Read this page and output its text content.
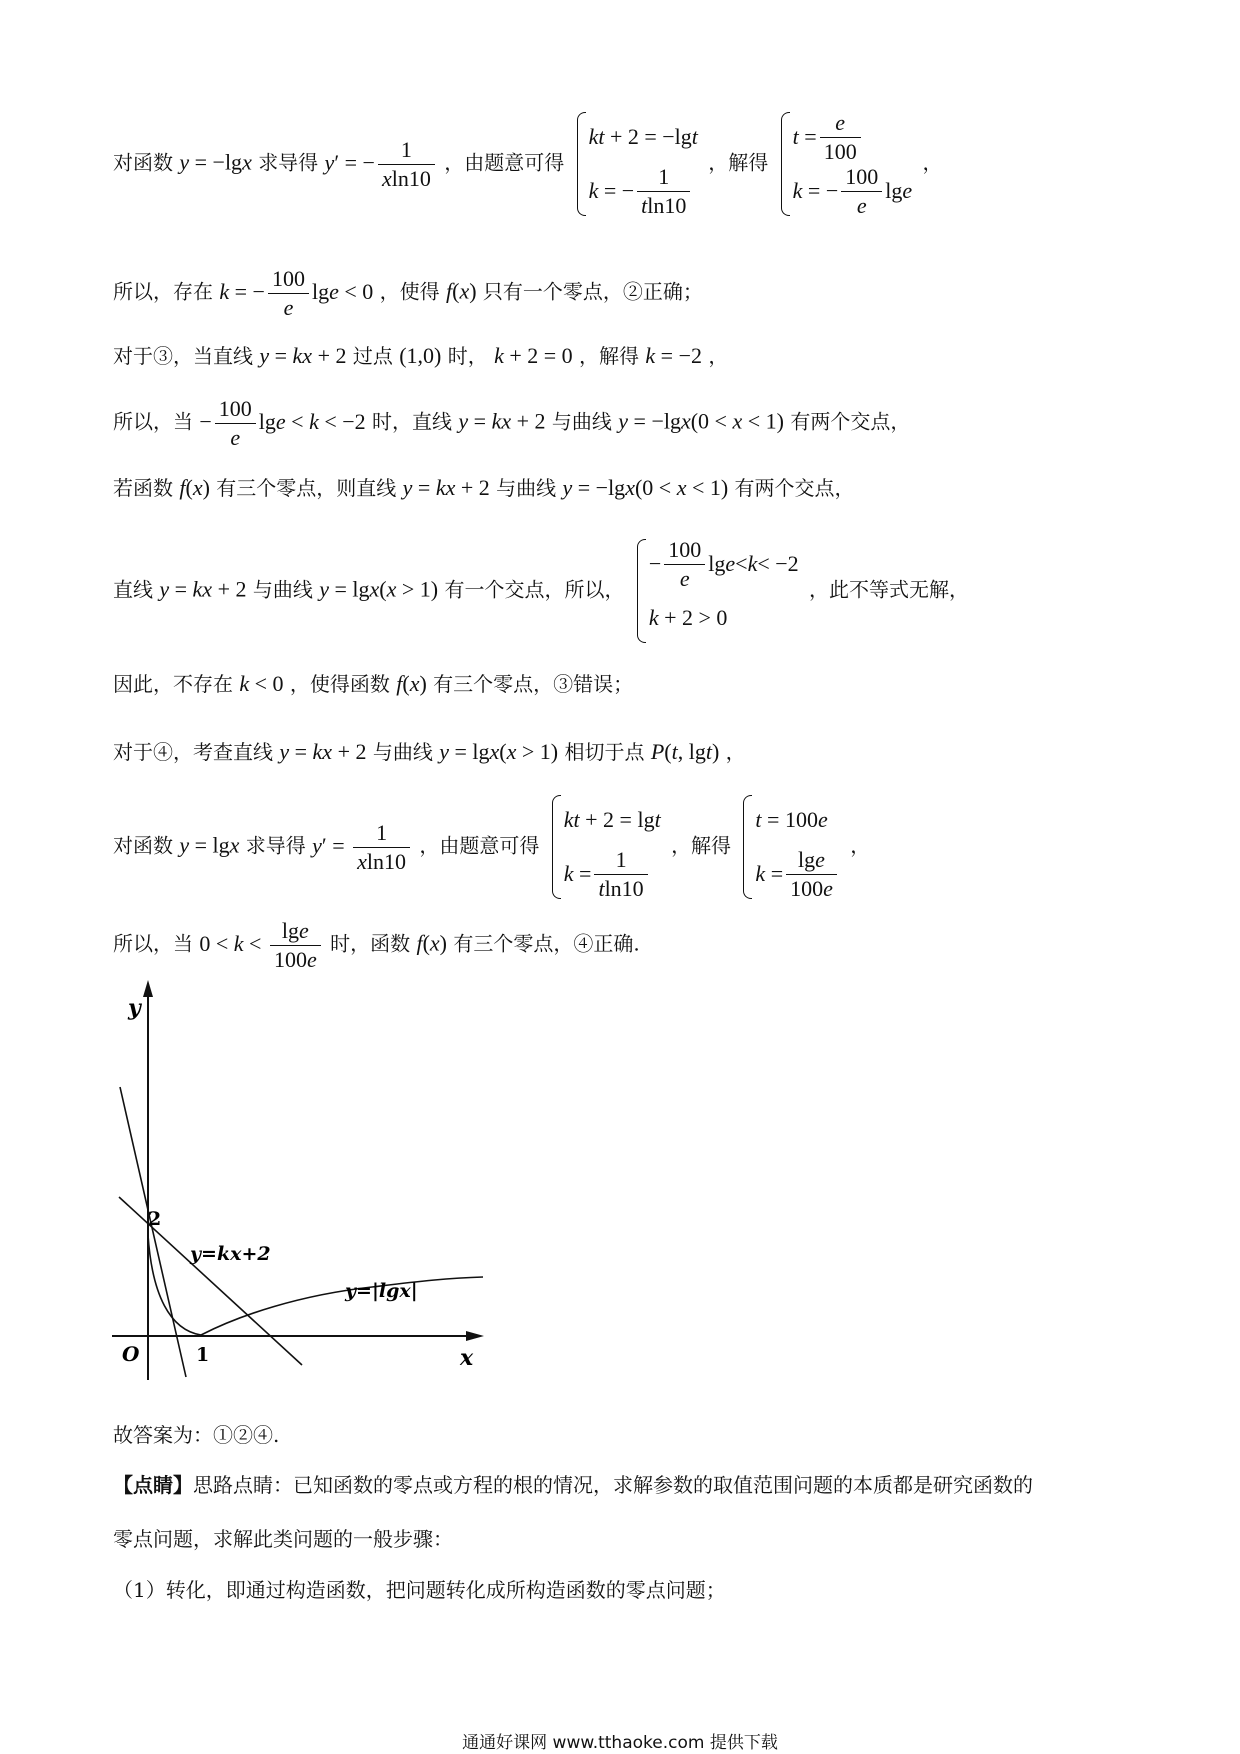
对函数 y = −lgx 求导得 y′ = − $\frac{1}{xln10}$ ，由题意可得
kt + 2 = −lg t
k = − $\frac{1}{tln10}$
，解得
$t = \frac{e}{100}$
k = − $\frac{100}{e}$ lg e
，
所以，存在 k = − $\frac{100}{e}$ lge < 0 ，使得 f(x) 只有一个零点，②正确；
对于③，当直线 y = kx + 2 过点 (1,0) 时， k + 2 = 0 ，解得 k = −2 ，
所以，当 − $\frac{100}{e}$ lge < k < −2 时，直线 y = kx + 2 与曲线 y = −lgx(0 < x < 1) 有两个交点，
若函数 f(x) 有三个零点，则直线 y = kx + 2 与曲线 y = −lgx(0 < x < 1) 有两个交点，
直线 y = kx + 2 与曲线 y = lgx(x > 1) 有一个交点，所以，
− $\frac{100}{e}$ lg e < k < −2
k + 2 > 0
，此不等式无解，
因此，不存在 k < 0 ，使得函数 f(x) 有三个零点，③错误；
对于④，考查直线 y = kx + 2 与曲线 y = lgx(x > 1) 相切于点 P(t, lgt) ，
对函数 y = lgx 求导得 $y' = \frac{1}{xln10}$ ，由题意可得
kt + 2 = lg t
$k = \frac{1}{tln10}$
，解得
t = 100 e
$k = \frac{\lg e}{100e}$
，
所以，当 $0 < k < \frac{\lg e}{100e}$ 时，函数 f(x) 有三个零点，④正确.
y
x
O	1
2
y=kx+2
y=|lgx|
故答案为：①②④.
【点睛】思路点睛：已知函数的零点或方程的根的情况，求解参数的取值范围问题的本质都是研究函数的
零点问题，求解此类问题的一般步骤：
（1）转化，即通过构造函数，把问题转化成所构造函数的零点问题；
通通好课网 www.tthaoke.com 提供下载
